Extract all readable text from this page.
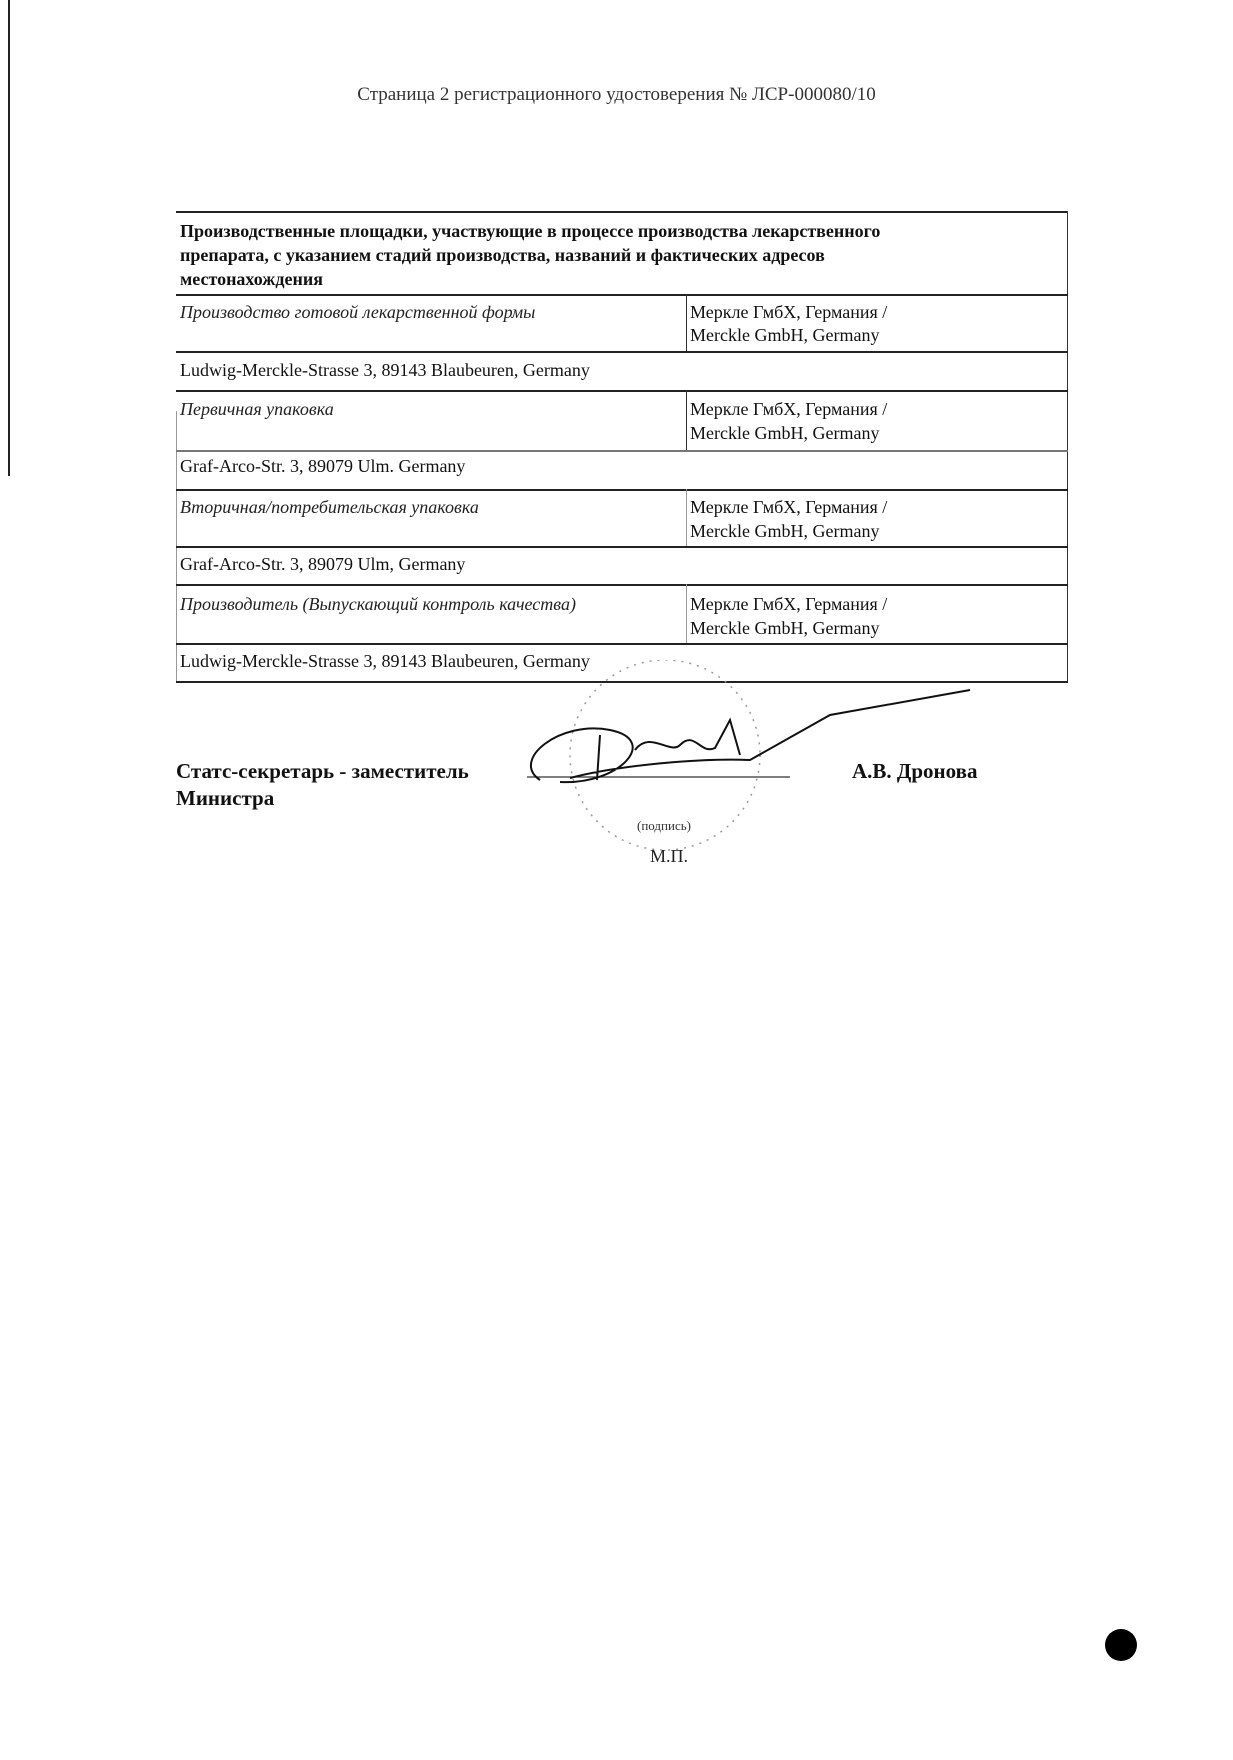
Страница 2 регистрационного удостоверения № ЛСР-000080/10
Производственные площадки, участвующие в процессе производства лекарственного
препарата, с указанием стадий производства, названий и фактических адресов
местонахождения
Производство готовой лекарственной формы	Меркле ГмбХ, Германия /
Merckle GmbH, Germany
Ludwig-Merckle-Strasse 3, 89143 Blaubeuren, Germany
Первичная упаковка	Меркле ГмбХ, Германия /
Merckle GmbH, Germany
Graf-Arco-Str. 3, 89079 Ulm. Germany
Вторичная/потребительская упаковка	Меркле ГмбХ, Германия /
Merckle GmbH, Germany
Graf-Arco-Str. 3, 89079 Ulm, Germany
Производитель (Выпускающий контроль качества)	Меркле ГмбХ, Германия /
Merckle GmbH, Germany
Ludwig-Merckle-Strasse 3, 89143 Blaubeuren, Germany
Статс-секретарь - заместитель
Министра
А.В. Дронова
(подпись)
М.П.
